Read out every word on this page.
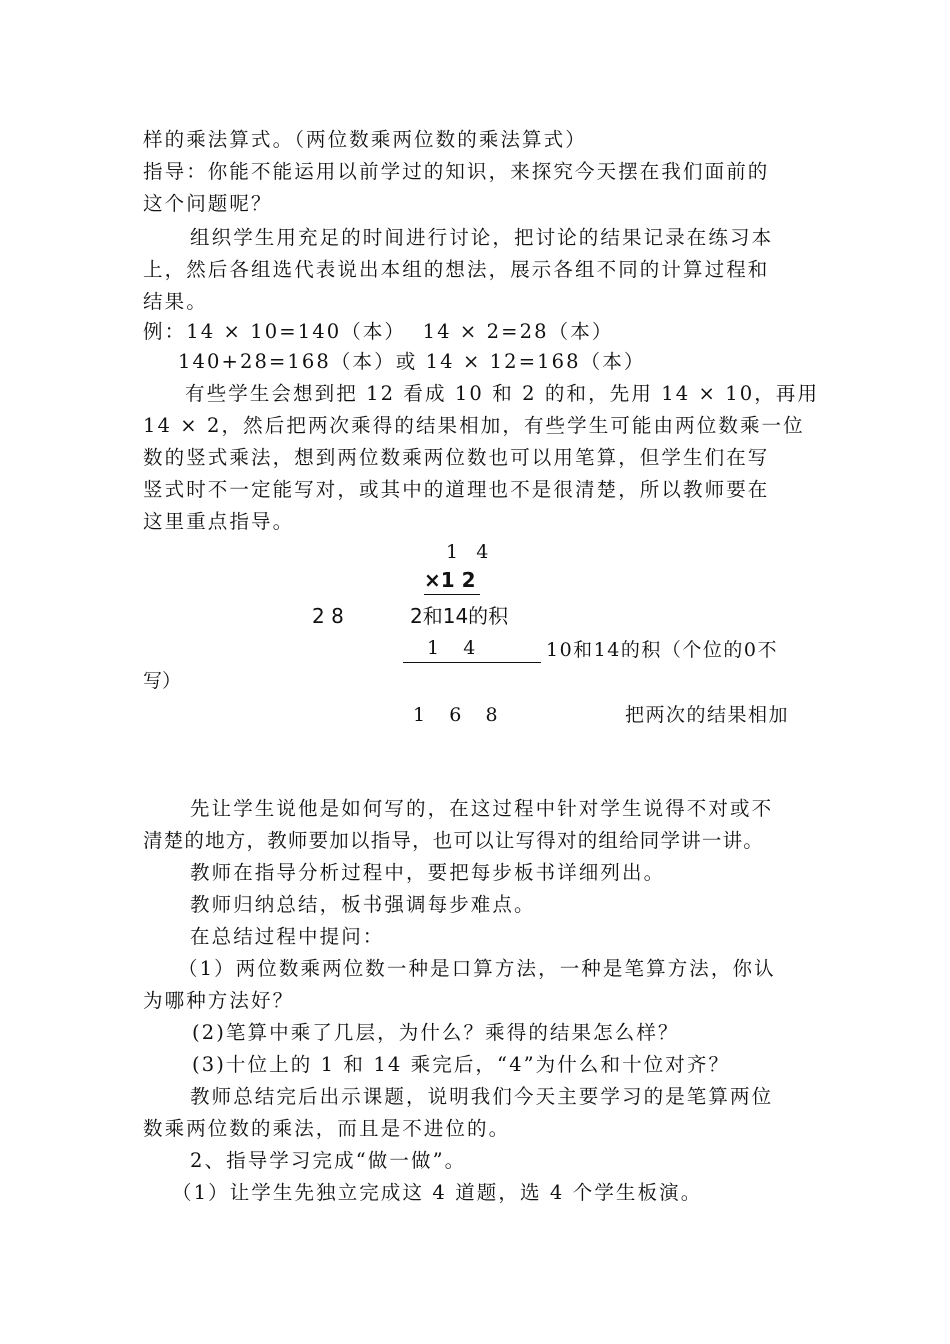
样的乘法算式。（两位数乘两位数的乘法算式）
指导：你能不能运用以前学过的知识，来探究今天摆在我们面前的
这个问题呢？
组织学生用充足的时间进行讨论，把讨论的结果记录在练习本
上，然后各组选代表说出本组的想法，展示各组不同的计算过程和
结果。
例：14 × 10=140（本）  14 × 2=28（本）
140+28=168（本）或 14 × 12=168（本）
有些学生会想到把 12 看成 10 和 2 的和，先用 14 × 10，再用
14 × 2，然后把两次乘得的结果相加，有些学生可能由两位数乘一位
数的竖式乘法，想到两位数乘两位数也可以用笔算，但学生们在写
竖式时不一定能写对，或其中的道理也不是很清楚，所以教师要在
这里重点指导。
1   4
×1 2
2 8	2和14的积
1    4	10和14的积（个位的0不
写）
1    6    8	把两次的结果相加
先让学生说他是如何写的，在这过程中针对学生说得不对或不
清楚的地方，教师要加以指导，也可以让写得对的组给同学讲一讲。
教师在指导分析过程中，要把每步板书详细列出。
教师归纳总结，板书强调每步难点。
在总结过程中提问：
（1）两位数乘两位数一种是口算方法，一种是笔算方法，你认
为哪种方法好？
(2)笔算中乘了几层，为什么？乘得的结果怎么样？
(3)十位上的 1 和 14 乘完后，“4”为什么和十位对齐？
教师总结完后出示课题，说明我们今天主要学习的是笔算两位
数乘两位数的乘法，而且是不进位的。
2、指导学习完成“做一做”。
（1）让学生先独立完成这 4 道题，选 4 个学生板演。
